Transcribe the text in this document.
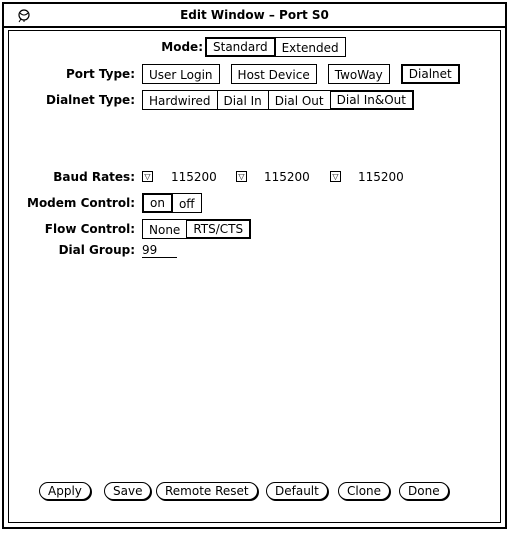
Edit Window – Port S0
Mode: Standard	Extended
Port Type:	User Login	Host Device	TwoWay	Dialnet
Dialnet Type:	Hardwired	Dial In	Dial Out	Dial In&Out
Baud Rates:	▽ 115200	▽ 115200	▽ 115200
Modem Control:	on	off
Flow Control:	None	RTS/CTS
Dial Group:
99
Apply	Save	Remote Reset	Default	Clone	Done
